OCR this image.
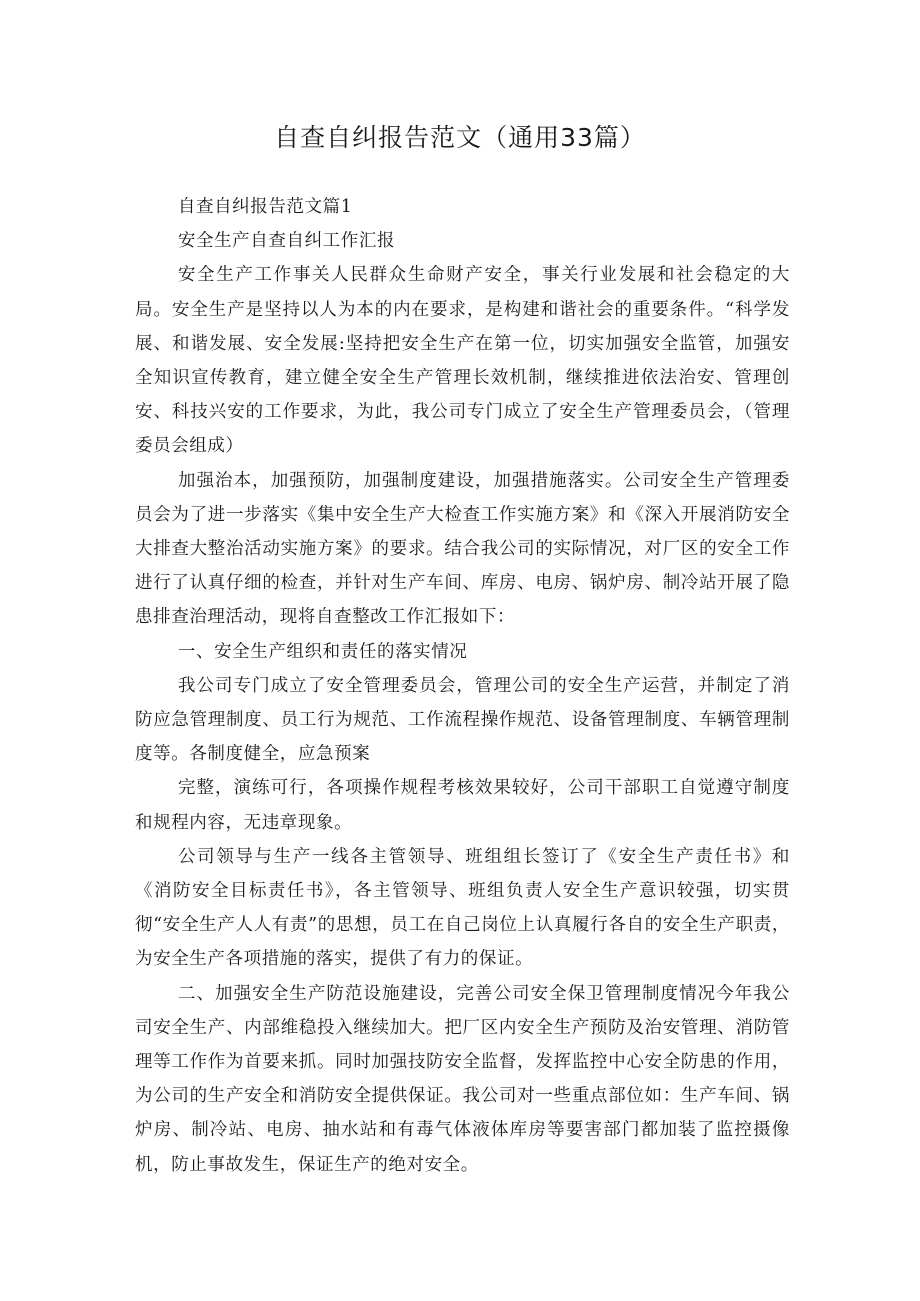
自查自纠报告范文（通用33篇）

自查自纠报告范文篇1

安全生产自查自纠工作汇报

安全生产工作事关人民群众生命财产安全，事关行业发展和社会稳定的大局。安全生产是坚持以人为本的内在要求，是构建和谐社会的重要条件。“科学发展、和谐发展、安全发展:坚持把安全生产在第一位，切实加强安全监管，加强安全知识宣传教育，建立健全安全生产管理长效机制，继续推进依法治安、管理创安、科技兴安的工作要求，为此，我公司专门成立了安全生产管理委员会，（管理委员会组成）

加强治本，加强预防，加强制度建设，加强措施落实。公司安全生产管理委员会为了进一步落实《集中安全生产大检查工作实施方案》和《深入开展消防安全大排查大整治活动实施方案》的要求。结合我公司的实际情况，对厂区的安全工作进行了认真仔细的检查，并针对生产车间、库房、电房、锅炉房、制冷站开展了隐患排查治理活动，现将自查整改工作汇报如下：

一、安全生产组织和责任的落实情况

我公司专门成立了安全管理委员会，管理公司的安全生产运营，并制定了消防应急管理制度、员工行为规范、工作流程操作规范、设备管理制度、车辆管理制度等。各制度健全，应急预案

完整，演练可行，各项操作规程考核效果较好，公司干部职工自觉遵守制度和规程内容，无违章现象。

公司领导与生产一线各主管领导、班组组长签订了《安全生产责任书》和《消防安全目标责任书》，各主管领导、班组负责人安全生产意识较强，切实贯彻“安全生产人人有责”的思想，员工在自己岗位上认真履行各自的安全生产职责，为安全生产各项措施的落实，提供了有力的保证。

二、加强安全生产防范设施建设，完善公司安全保卫管理制度情况今年我公司安全生产、内部维稳投入继续加大。把厂区内安全生产预防及治安管理、消防管理等工作作为首要来抓。同时加强技防安全监督，发挥监控中心安全防患的作用，为公司的生产安全和消防安全提供保证。我公司对一些重点部位如：生产车间、锅炉房、制冷站、电房、抽水站和有毒气体液体库房等要害部门都加装了监控摄像机，防止事故发生，保证生产的绝对安全。
